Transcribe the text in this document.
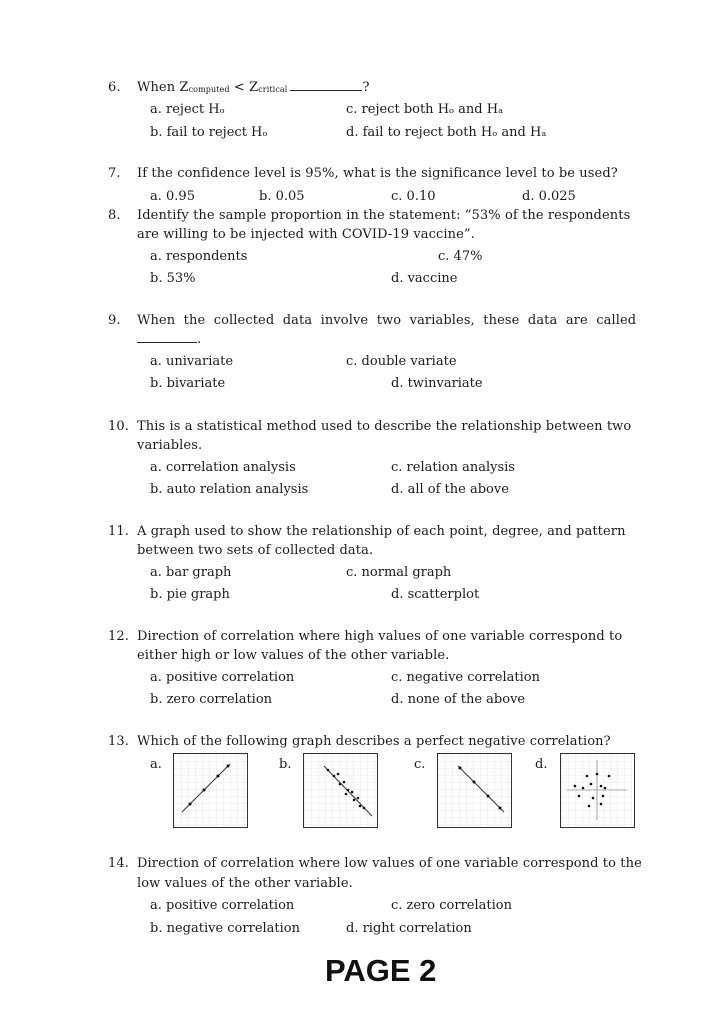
6. When Zcomputed < Zcritical	?
a. reject Hₒ	c. reject both Hₒ and Hₐ
b. fail to reject Hₒ	d. fail to reject both Hₒ and Hₐ
7. If the confidence level is 95%, what is the significance level to be used?
a. 0.95	b. 0.05	c. 0.10	d. 0.025
8. Identify the sample proportion in the statement: “53% of the respondents
are willing to be injected with COVID-19 vaccine”.
a. respondents	c. 47%
b. 53%	d. vaccine
9. When  the  collected  data  involve  two  variables,  these  data  are  called
.
a. univariate	c. double variate
b. bivariate	d. twinvariate
10. This is a statistical method used to describe the relationship between two
variables.
a. correlation analysis	c. relation analysis
b. auto relation analysis	d. all of the above
11. A graph used to show the relationship of each point, degree, and pattern
between two sets of collected data.
a. bar graph	c. normal graph
b. pie graph	d. scatterplot
12. Direction of correlation where high values of one variable correspond to
either high or low values of the other variable.
a. positive correlation	c. negative correlation
b. zero correlation	d. none of the above
13. Which of the following graph describes a perfect negative correlation?
a.	b.	c.	d.
14. Direction of correlation where low values of one variable correspond to the
low values of the other variable.
a. positive correlation	c. zero correlation
b. negative correlation	d. right correlation
PAGE 2
